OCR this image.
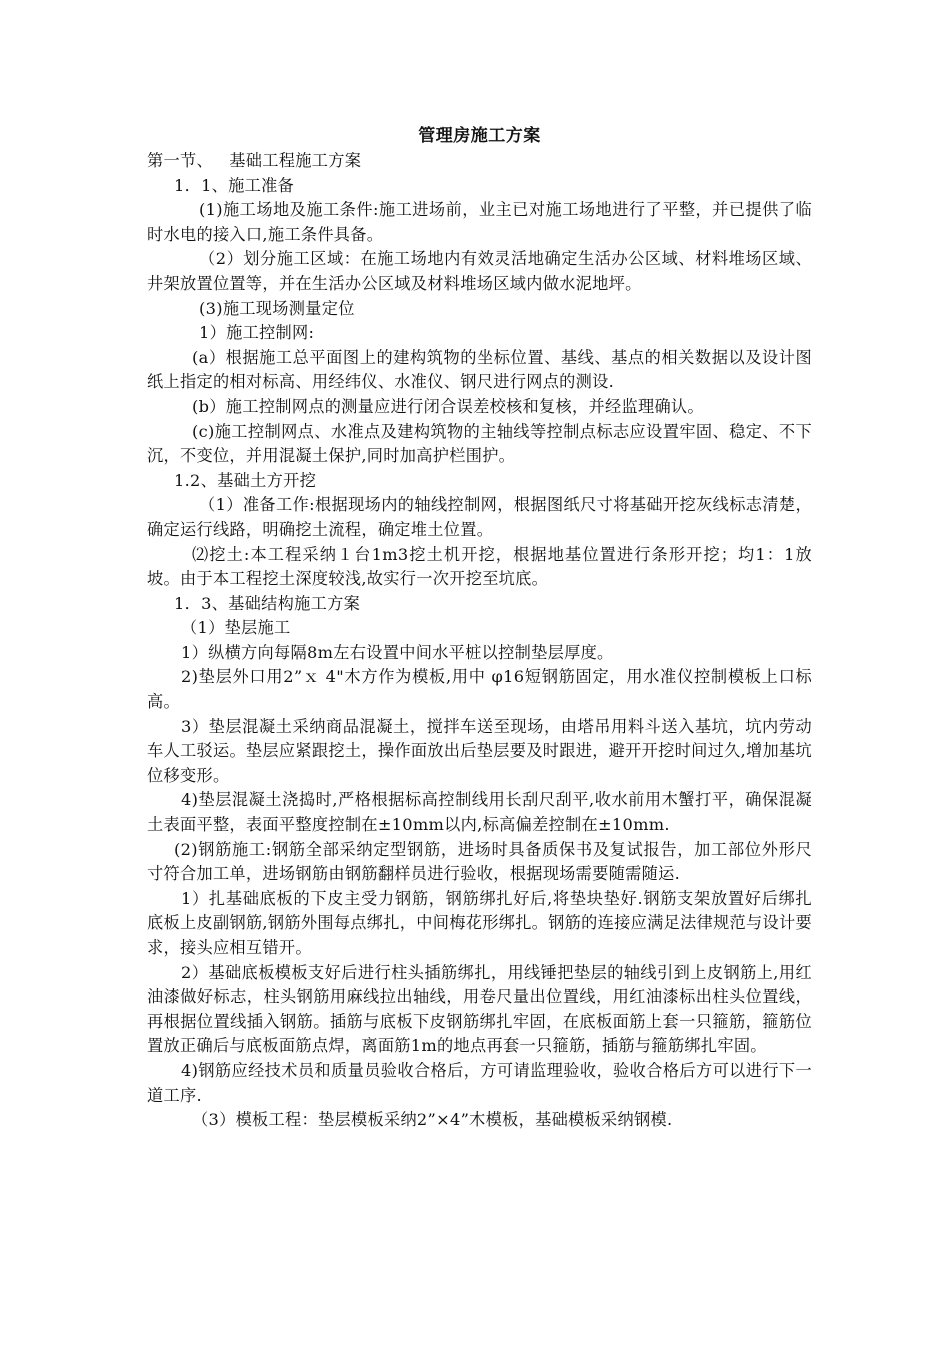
管理房施工方案

第一节、   基础工程施工方案

1．1、施工准备

(1)施工场地及施工条件:施工进场前，业主已对施工场地进行了平整，并已提供了临时水电的接入口,施工条件具备。

（2）划分施工区域：在施工场地内有效灵活地确定生活办公区域、材料堆场区域、井架放置位置等，并在生活办公区域及材料堆场区域内做水泥地坪。

(3)施工现场测量定位

1）施工控制网:

(a）根据施工总平面图上的建构筑物的坐标位置、基线、基点的相关数据以及设计图纸上指定的相对标高、用经纬仪、水准仪、钢尺进行网点的测设.

(b）施工控制网点的测量应进行闭合误差校核和复核，并经监理确认。

(c)施工控制网点、水准点及建构筑物的主轴线等控制点标志应设置牢固、稳定、不下沉，不变位，并用混凝土保护,同时加高护栏围护。

1.2、基础土方开挖

（1）准备工作:根据现场内的轴线控制网，根据图纸尺寸将基础开挖灰线标志清楚，确定运行线路，明确挖土流程，确定堆土位置。

⑵挖土:本工程采纳１台1m3挖土机开挖，根据地基位置进行条形开挖；均1：1放坡。由于本工程挖土深度较浅,故实行一次开挖至坑底。

1．3、基础结构施工方案

（1）垫层施工

1）纵横方向每隔8m左右设置中间水平桩以控制垫层厚度。

2)垫层外口用2”ｘ 4"木方作为模板,用中 φ16短钢筋固定，用水准仪控制模板上口标高。

3）垫层混凝土采纳商品混凝土，搅拌车送至现场，由塔吊用料斗送入基坑，坑内劳动车人工驳运。垫层应紧跟挖土，操作面放出后垫层要及时跟进，避开开挖时间过久,增加基坑位移变形。

4)垫层混凝土浇捣时,严格根据标高控制线用长刮尺刮平,收水前用木蟹打平，确保混凝土表面平整，表面平整度控制在±10mm以内,标高偏差控制在±10mm.

(2)钢筋施工:钢筋全部采纳定型钢筋，进场时具备质保书及复试报告，加工部位外形尺寸符合加工单，进场钢筋由钢筋翻样员进行验收，根据现场需要随需随运.

1）扎基础底板的下皮主受力钢筋，钢筋绑扎好后,将垫块垫好.钢筋支架放置好后绑扎底板上皮副钢筋,钢筋外围每点绑扎，中间梅花形绑扎。钢筋的连接应满足法律规范与设计要求，接头应相互错开。

2）基础底板模板支好后进行柱头插筋绑扎，用线锤把垫层的轴线引到上皮钢筋上,用红油漆做好标志，柱头钢筋用麻线拉出轴线，用卷尺量出位置线，用红油漆标出柱头位置线，再根据位置线插入钢筋。插筋与底板下皮钢筋绑扎牢固，在底板面筋上套一只箍筋，箍筋位置放正确后与底板面筋点焊，离面筋1m的地点再套一只箍筋，插筋与箍筋绑扎牢固。

4)钢筋应经技术员和质量员验收合格后，方可请监理验收，验收合格后方可以进行下一道工序.

（3）模板工程：垫层模板采纳2”×4”木模板，基础模板采纳钢模.
